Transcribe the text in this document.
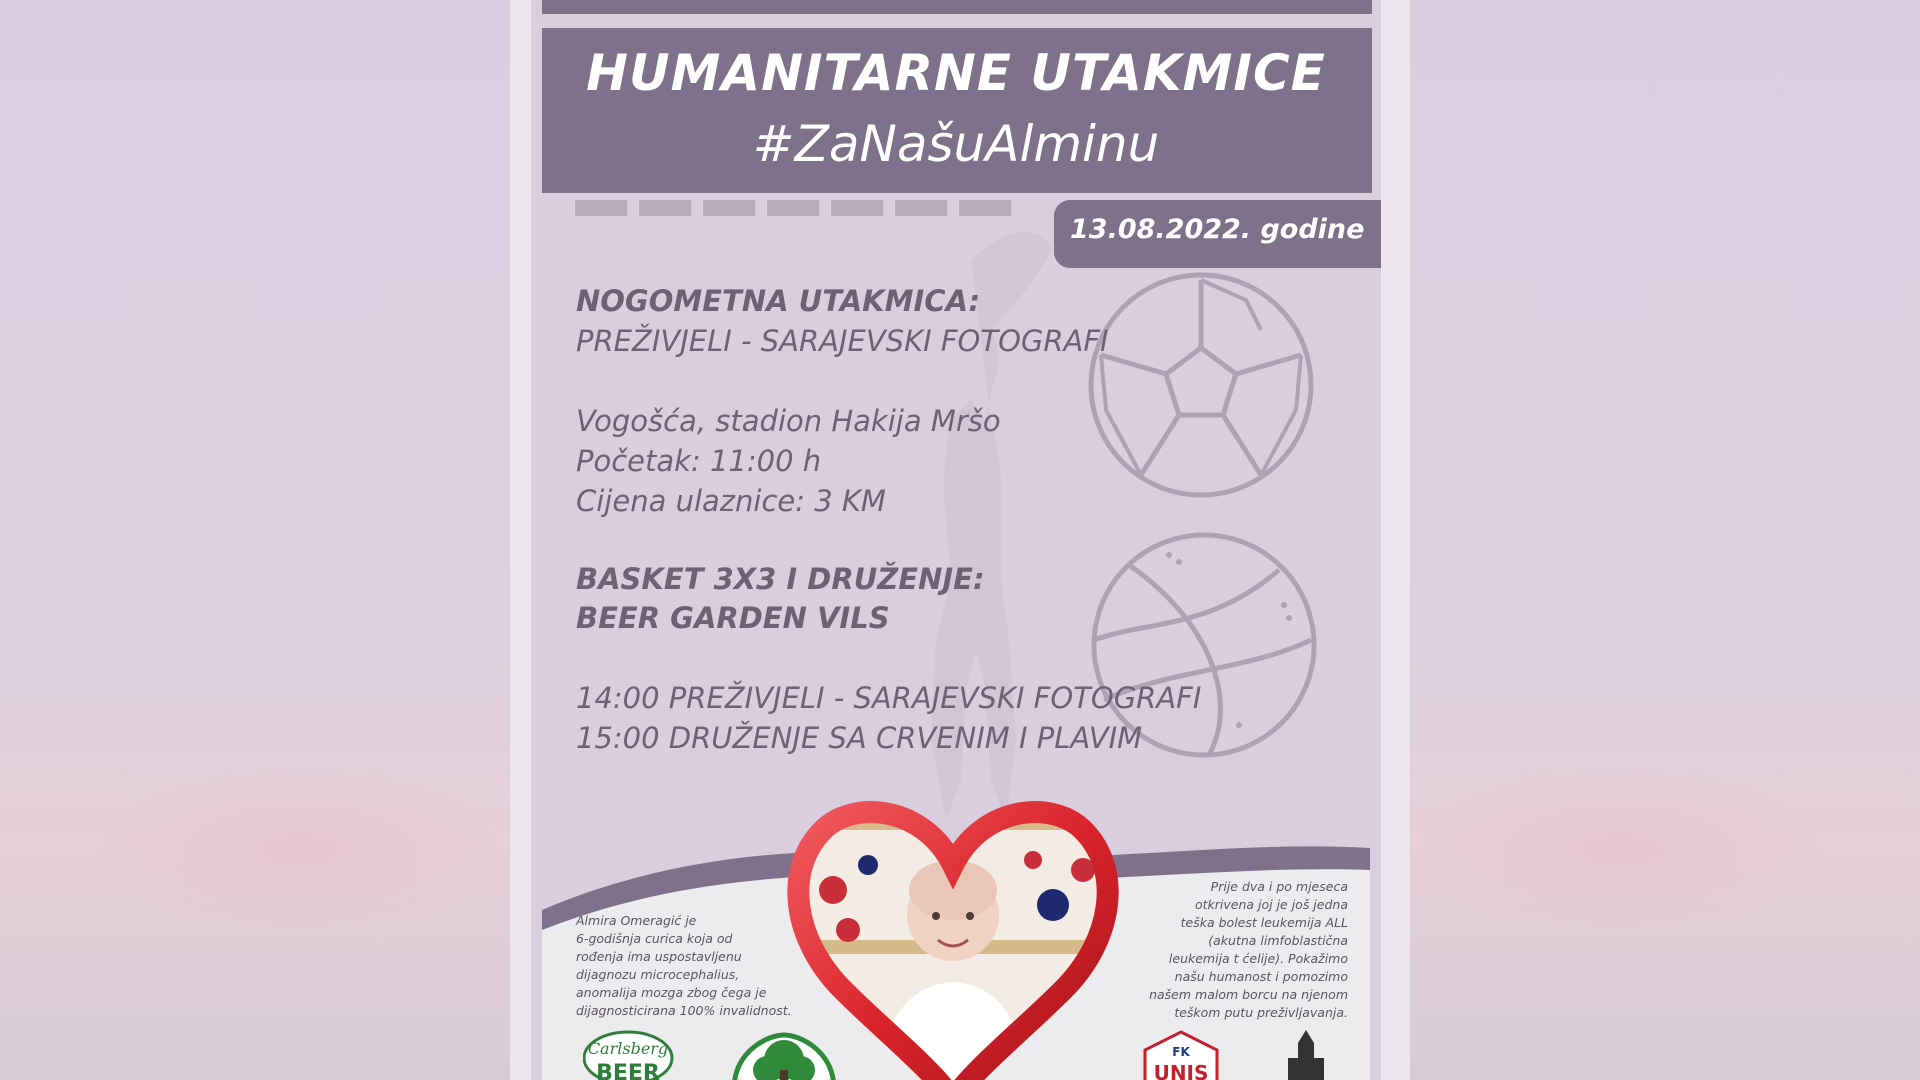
HUMANITARNE UTAKMICE
#ZaNašuAlminu
13.08.2022. godine
NOGOMETNA UTAKMICA:
PREŽIVJELI - SARAJEVSKI FOTOGRAFI
Vogošća, stadion Hakija Mršo
Početak: 11:00 h
Cijena ulaznice: 3 KM
BASKET 3X3 I DRUŽENJE:
BEER GARDEN VILS
14:00 PREŽIVJELI - SARAJEVSKI FOTOGRAFI
15:00 DRUŽENJE SA CRVENIM I PLAVIM
Almira Omeragić je
6-godišnja curica koja od
rođenja ima uspostavljenu
dijagnozu microcephalius,
anomalija mozga zbog čega je
dijagnosticirana 100% invalidnost.
Prije dva i po mjeseca
otkrivena joj je još jedna
teška bolest leukemija ALL
(akutna limfoblastična
leukemija t ćelije). Pokažimo
našu humanost i pomozimo
našem malom borcu na njenom
teškom putu preživljavanja.
Carlsberg
BEER
FK
UNIS
